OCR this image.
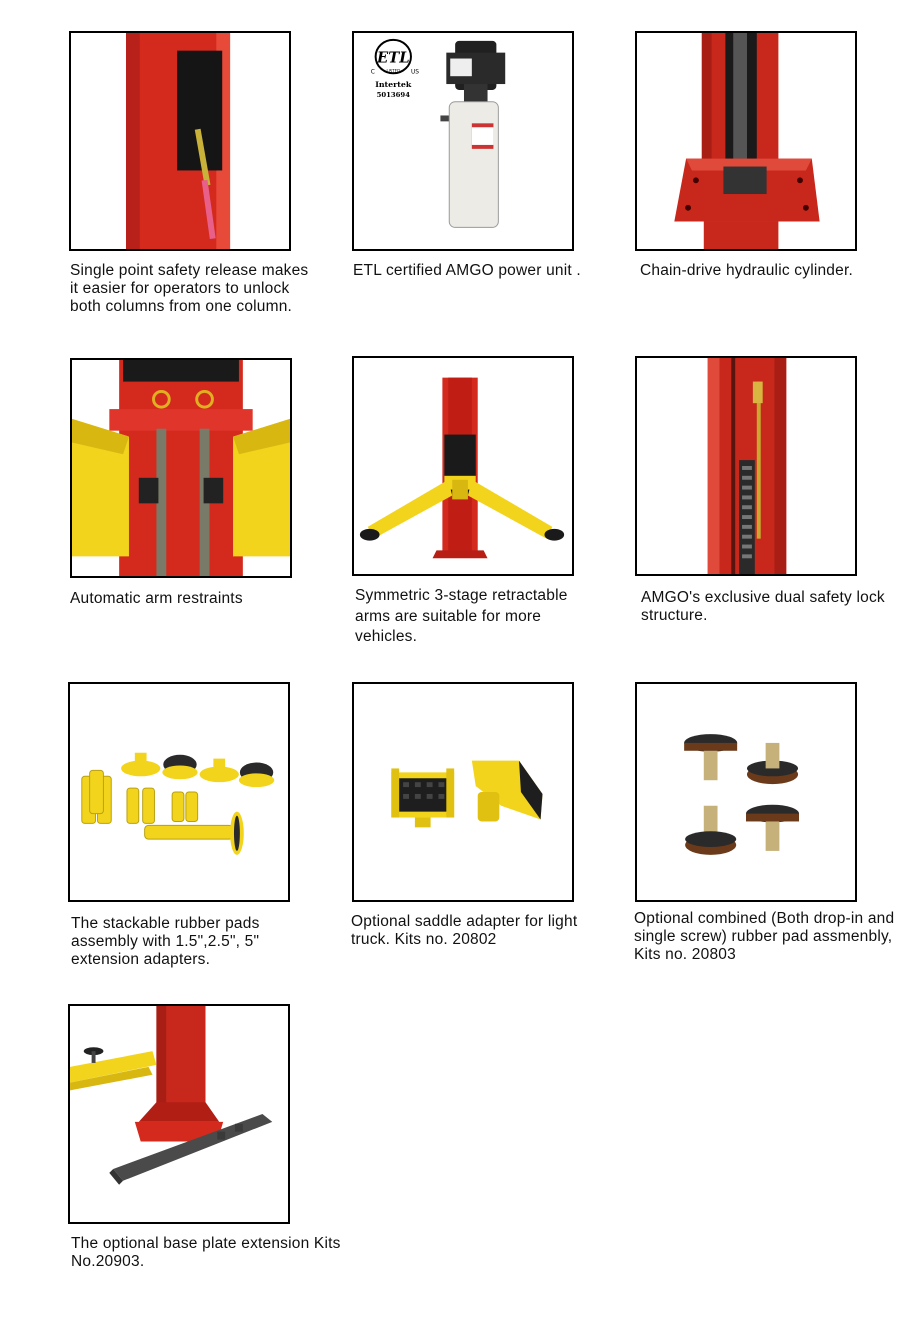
Single point safety release makes it easier for operators to unlock both columns from one column.
ETL
C	US
LISTED
Intertek
5013694
ETL certified AMGO power unit .	Chain-drive hydraulic cylinder.
Automatic arm restraints	Symmetric 3-stage retractable arms are suitable for more vehicles.
AMGO's exclusive dual safety lock structure.
The stackable rubber pads assembly with 1.5",2.5", 5" extension adapters.
Optional saddle adapter for light truck. Kits no. 20802
Optional combined (Both drop-in and single screw) rubber pad assmenbly, Kits no. 20803
The optional base plate extension Kits No.20903.
